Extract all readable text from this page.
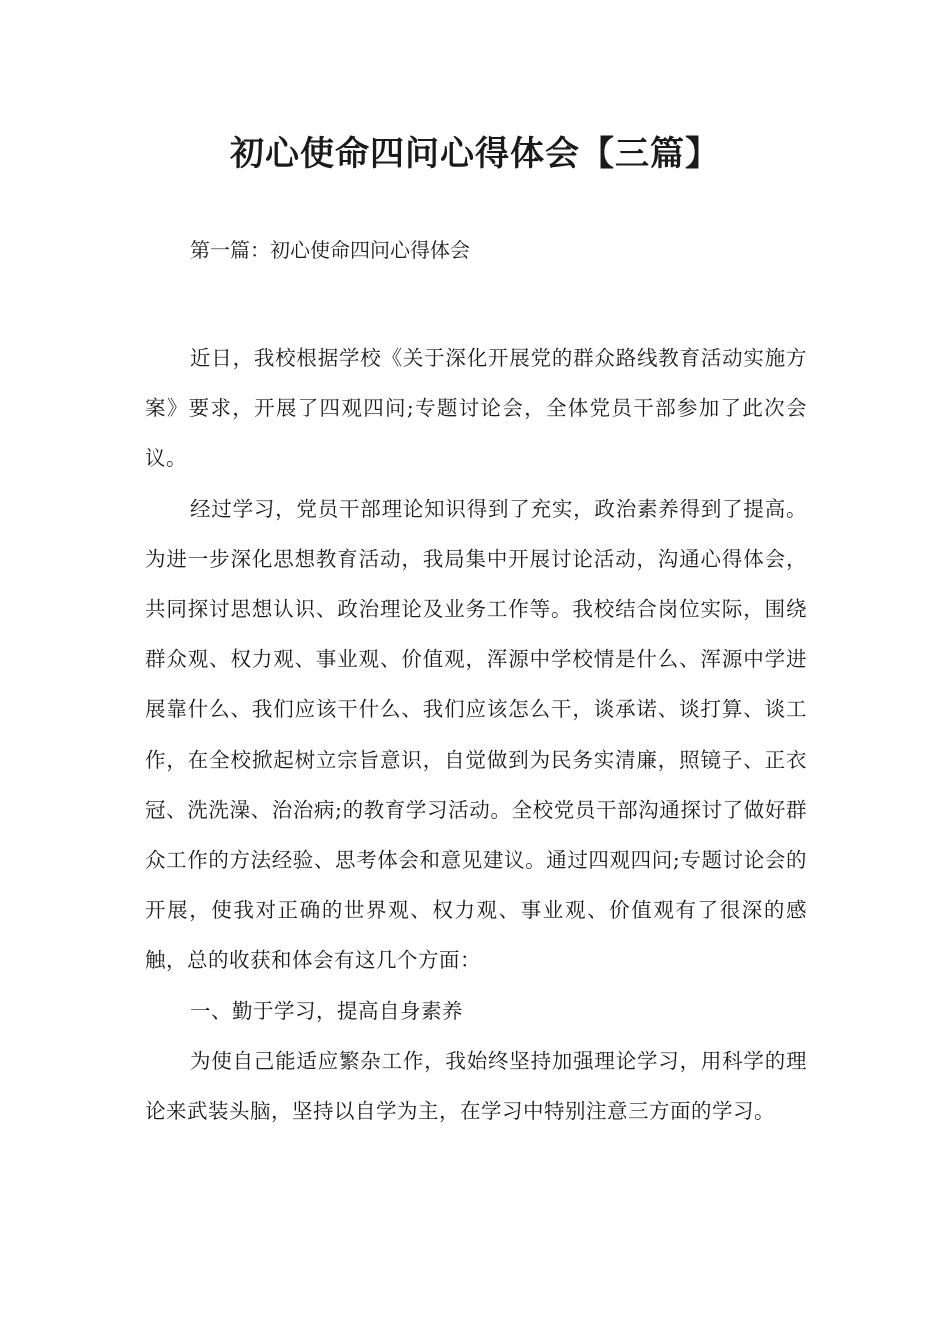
初心使命四问心得体会【三篇】

第一篇：初心使命四问心得体会

近日，我校根据学校《关于深化开展党的群众路线教育活动实施方案》要求，开展了四观四问;专题讨论会，全体党员干部参加了此次会议。

经过学习，党员干部理论知识得到了充实，政治素养得到了提高。为进一步深化思想教育活动，我局集中开展讨论活动，沟通心得体会，共同探讨思想认识、政治理论及业务工作等。我校结合岗位实际，围绕群众观、权力观、事业观、价值观，浑源中学校情是什么、浑源中学进展靠什么、我们应该干什么、我们应该怎么干，谈承诺、谈打算、谈工作，在全校掀起树立宗旨意识，自觉做到为民务实清廉，照镜子、正衣冠、洗洗澡、治治病;的教育学习活动。全校党员干部沟通探讨了做好群众工作的方法经验、思考体会和意见建议。通过四观四问;专题讨论会的开展，使我对正确的世界观、权力观、事业观、价值观有了很深的感触，总的收获和体会有这几个方面：

一、勤于学习，提高自身素养

为使自己能适应繁杂工作，我始终坚持加强理论学习，用科学的理论来武装头脑，坚持以自学为主，在学习中特别注意三方面的学习。
